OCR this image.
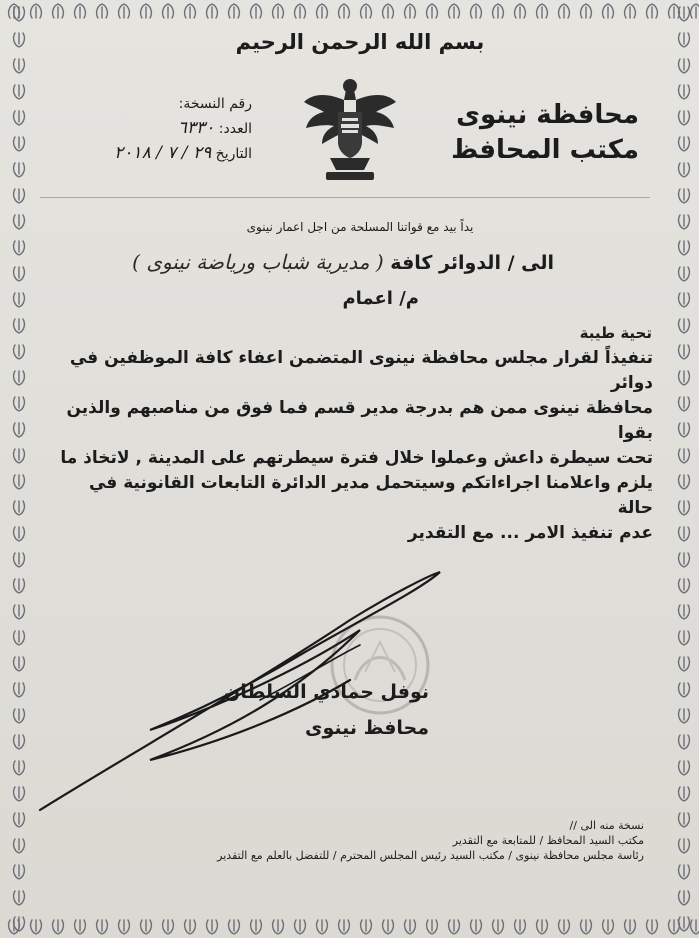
بسم الله الرحمن الرحيم
محافظة نينوى
مكتب المحافظ
رقم النسخة:
العدد: ٦٣٣٠
التاريخ ٢٩ / ٧ / ٢٠١٨
يداً بيد مع قواتنا المسلحة من اجل اعمار نينوى
الى / الدوائر كافة ( مديرية شباب ورياضة نينوى )
م/ اعمام
تحية طيبة
تنفيذاً لقرار مجلس محافظة نينوى المتضمن اعفاء كافة الموظفين في دوائر
محافظة نينوى ممن هم بدرجة مدير قسم فما فوق من مناصبهم والذين بقوا
تحت سيطرة داعش وعملوا خلال فترة سيطرتهم على المدينة , لاتخاذ ما
يلزم واعلامنا اجراءاتكم وسيتحمل مدير الدائرة التابعات القانونية في حالة
عدم تنفيذ الامر ... مع التقدير
نوفل حمادي السلطان
محافظ نينوى
نسخة منه الى //
مكتب السيد المحافظ / للمتابعة مع التقدير
رئاسة مجلس محافظة نينوى / مكتب السيد رئيس المجلس المحترم / للتفضل بالعلم مع التقدير
